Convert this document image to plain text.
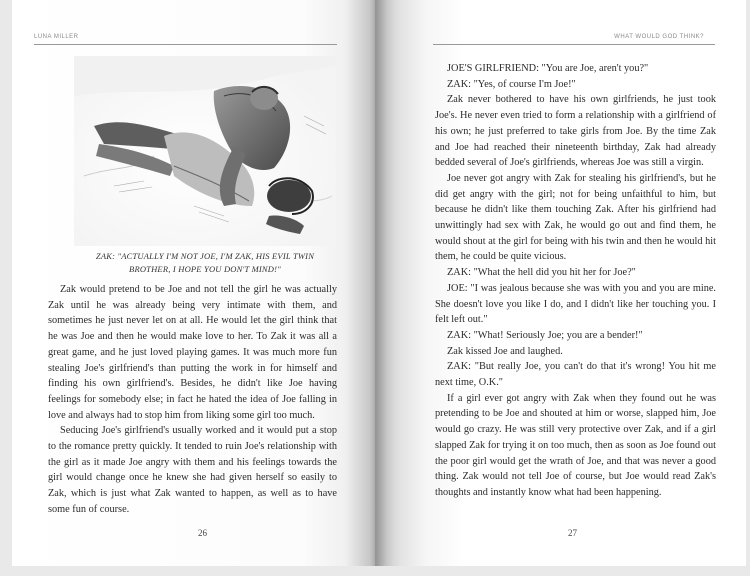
LUNA MILLER
ZAK: "ACTUALLY I'M NOT JOE, I'M ZAK, HIS EVIL TWIN
BROTHER, I HOPE YOU DON'T MIND!"

Zak would pretend to be Joe and not tell the girl he was actually Zak until he was already being very intimate with them, and sometimes he just never let on at all. He would let the girl think that he was Joe and then he would make love to her. To Zak it was all a great game, and he just loved playing games. It was much more fun stealing Joe's girlfriend's than putting the work in for himself and finding his own girlfriend's. Besides, he didn't like Joe having feelings for somebody else; in fact he hated the idea of Joe falling in love and always had to stop him from liking some girl too much.

Seducing Joe's girlfriend's usually worked and it would put a stop to the romance pretty quickly. It tended to ruin Joe's relationship with the girl as it made Joe angry with them and his feelings towards the girl would change once he knew she had given herself so easily to Zak, which is just what Zak wanted to happen, as well as to have some fun of course.

26
WHAT WOULD GOD THINK?

JOE'S GIRLFRIEND: "You are Joe, aren't you?"

ZAK: "Yes, of course I'm Joe!"

Zak never bothered to have his own girlfriends, he just took Joe's. He never even tried to form a relationship with a girlfriend of his own; he just preferred to take girls from Joe. By the time Zak and Joe had reached their nineteenth birthday, Zak had already bedded several of Joe's girlfriends, whereas Joe was still a virgin.

Joe never got angry with Zak for stealing his girlfriend's, but he did get angry with the girl; not for being unfaithful to him, but because he didn't like them touching Zak. After his girlfriend had unwittingly had sex with Zak, he would go out and find them, he would shout at the girl for being with his twin and then he would hit them, he could be quite vicious.

ZAK: "What the hell did you hit her for Joe?"

JOE: "I was jealous because she was with you and you are mine. She doesn't love you like I do, and I didn't like her touching you. I felt left out."

ZAK: "What! Seriously Joe; you are a bender!"

Zak kissed Joe and laughed.

ZAK: "But really Joe, you can't do that it's wrong! You hit me next time, O.K."

If a girl ever got angry with Zak when they found out he was pretending to be Joe and shouted at him or worse, slapped him, Joe would go crazy. He was still very protective over Zak, and if a girl slapped Zak for trying it on too much, then as soon as Joe found out the poor girl would get the wrath of Joe, and that was never a good thing. Zak would not tell Joe of course, but Joe would read Zak's thoughts and instantly know what had been happening.

27
